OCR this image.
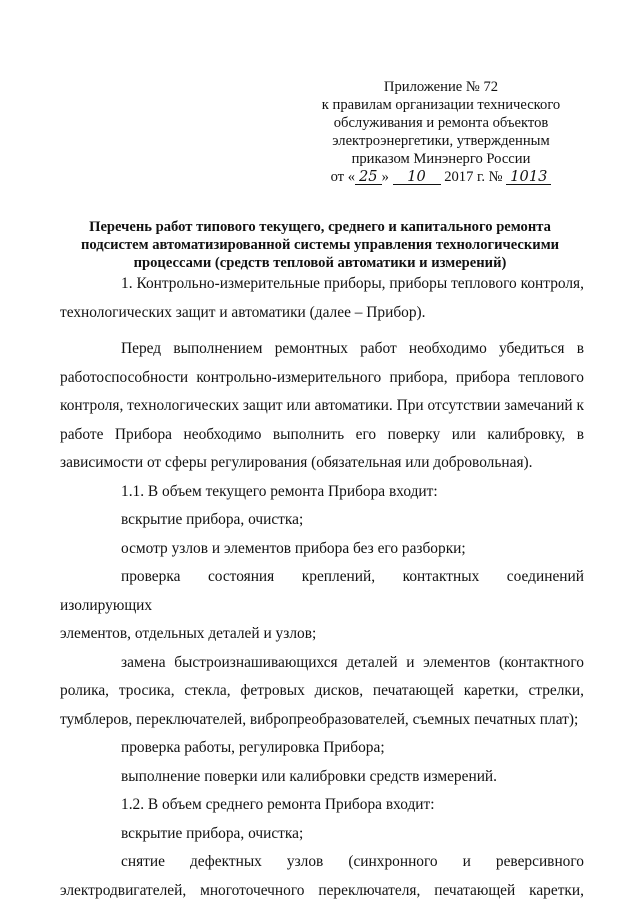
Приложение № 72
к правилам организации технического
обслуживания и ремонта объектов
электроэнергетики, утвержденным
приказом Минэнерго России
от « 25 » 10 2017 г. № 1013
Перечень работ типового текущего, среднего и капитального ремонта
подсистем автоматизированной системы управления технологическими
процессами (средств тепловой автоматики и измерений)

1. Контрольно-измерительные приборы, приборы теплового контроля,

технологических защит и автоматики (далее – Прибор).

Перед выполнением ремонтных работ необходимо убедиться в

работоспособности контрольно-измерительного прибора, прибора теплового

контроля, технологических защит или автоматики. При отсутствии замечаний к

работе Прибора необходимо выполнить его поверку или калибровку, в

зависимости от сферы регулирования (обязательная или добровольная).

1.1. В объем текущего ремонта Прибора входит:

вскрытие прибора, очистка;

осмотр узлов и элементов прибора без его разборки;

проверка состояния креплений, контактных соединений изолирующих

элементов, отдельных деталей и узлов;

замена быстроизнашивающихся деталей и элементов (контактного

ролика, тросика, стекла, фетровых дисков, печатающей каретки, стрелки,

тумблеров, переключателей, вибропреобразователей, съемных печатных плат);

проверка работы, регулировка Прибора;

выполнение поверки или калибровки средств измерений.

1.2. В объем среднего ремонта Прибора входит:

вскрытие прибора, очистка;

снятие дефектных узлов (синхронного и реверсивного

электродвигателей, многоточечного переключателя, печатающей каретки,
